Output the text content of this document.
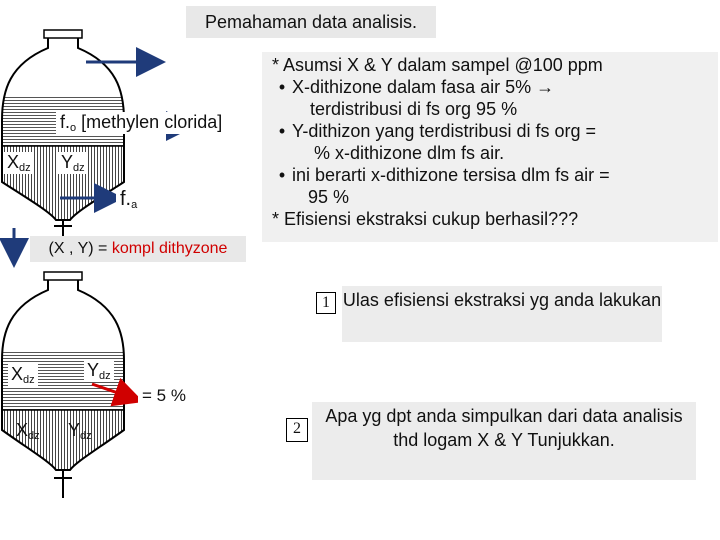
Pemahaman data analisis.
$f._o$ [methylen clorida]
$X_{dz}$ $Y_{dz}$
$f._a$
(X , Y) = kompl dithyzone
* Asumsi X & Y dalam sampel @100 ppm
• X-dithizone dalam fasa air 5% →
terdistribusi di fs org 95 %
• Y-dithizon yang terdistribusi di fs org =
% x-dithizone dlm fs air.
• ini berarti x-dithizone tersisa dlm fs air =
95 %
* Efisiensi ekstraksi cukup berhasil???
$X_{dz}$	$Y_{dz}$
= 5 %
$X_{dz}$ $Y_{dz}$
1 Ulas efisiensi ekstraksi yg anda lakukan
2
Apa yg dpt anda simpulkan dari data analisis thd logam X & Y Tunjukkan.
